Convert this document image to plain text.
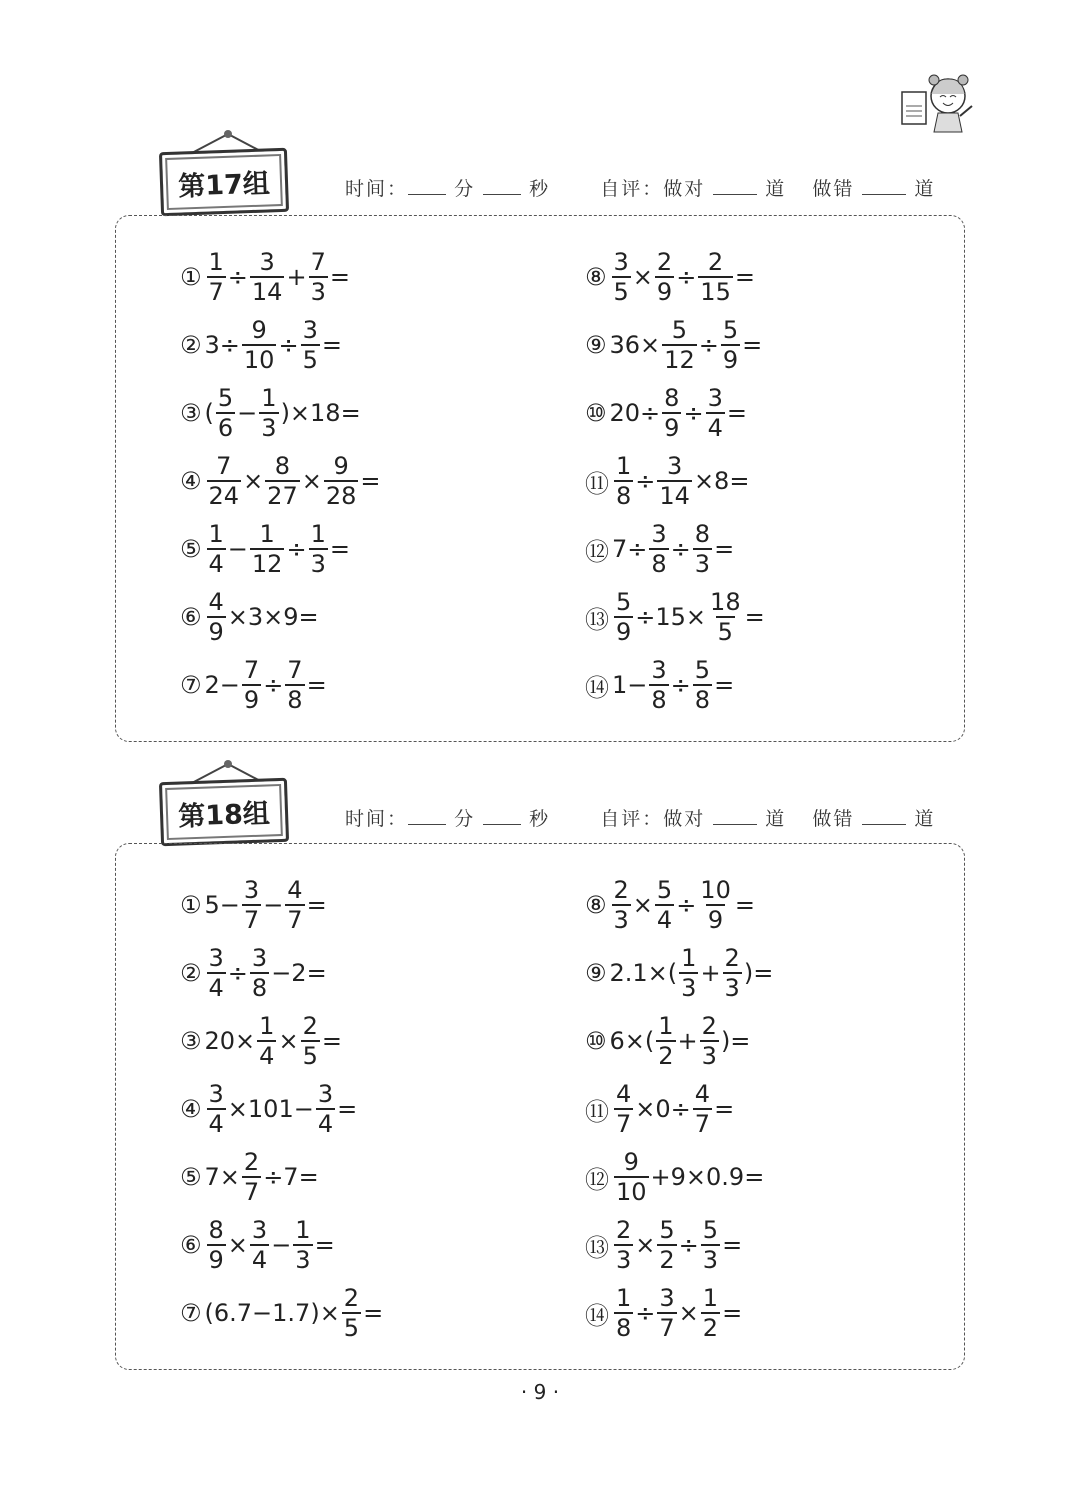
第17组	时间： 分	秒	自评：做对	道 做错	道
① $\frac{1}{7} \div \frac{3}{14} + \frac{7}{3}$ =
② $3\div \frac{9}{10} \div \frac{3}{5}$ =
③ ( $\frac{5}{6} - \frac{1}{3} )\times 18=$
④ $\frac{7}{24} \times \frac{8}{27} \times \frac{9}{28}$ =
⑤ $\frac{1}{4} - \frac{1}{12} \div \frac{1}{3}$ =
⑥ $\frac{4}{9} \times 3\times 9=$
⑦ $2- \frac{7}{9} \div \frac{7}{8}$ =
⑧ $\frac{3}{5} \times \frac{2}{9} \div \frac{2}{15}$ =
⑨ $36\times \frac{5}{12} \div \frac{5}{9}$ =
⑩ $20\div \frac{8}{9} \div \frac{3}{4}$ =
⑪ $\frac{1}{8} \div \frac{3}{14} \times 8=$
⑫ $7\div \frac{3}{8} \div \frac{8}{3}$ =
⑬ $\frac{5}{9} \div 15\times \frac{18}{5}$ =
⑭ $1- \frac{3}{8} \div \frac{5}{8}$ =
第18组	时间： 分	秒	自评：做对	道 做错	道
① $5- \frac{3}{7} - \frac{4}{7}$ =
② $\frac{3}{4} \div \frac{3}{8} -2=$
③ $20\times \frac{1}{4} \times \frac{2}{5}$ =
④ $\frac{3}{4} \times 101- \frac{3}{4}$ =
⑤ $7\times \frac{2}{7} \div 7=$
⑥ $\frac{8}{9} \times \frac{3}{4} - \frac{1}{3}$ =
⑦ $(6.7-1.7)\times \frac{2}{5}$ =
⑧ $\frac{2}{3} \times \frac{5}{4} \div \frac{10}{9}$ =
⑨ $2.1\times( \frac{1}{3} + \frac{2}{3}$ )=
⑩ $6\times( \frac{1}{2} + \frac{2}{3}$ )=
⑪ $\frac{4}{7} \times 0\div \frac{4}{7}$ =
⑫ $\frac{9}{10} +9\times 0.9=$
⑬ $\frac{2}{3} \times \frac{5}{2} \div \frac{5}{3}$ =
⑭ $\frac{1}{8} \div \frac{3}{7} \times \frac{1}{2}$ =
· 9 ·
